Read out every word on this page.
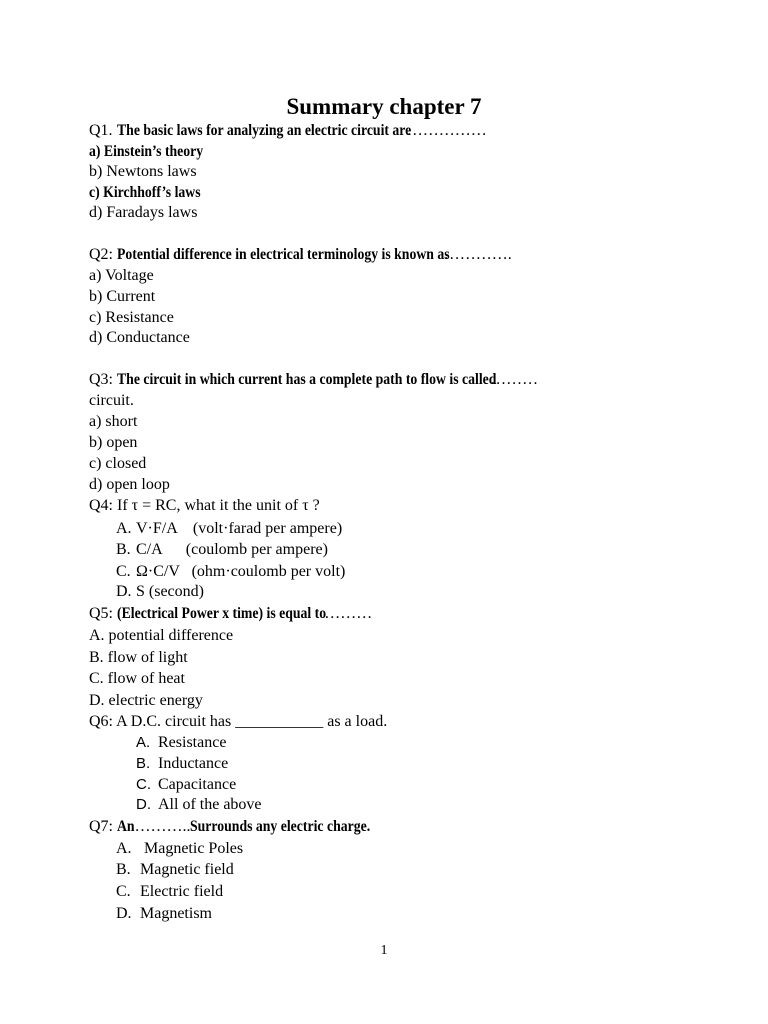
Summary chapter 7
Q1. The basic laws for analyzing an electric circuit are……………
a) Einstein’s theory
b) Newtons laws
c) Kirchhoff’s laws
d) Faradays laws
Q2: Potential difference in electrical terminology is known as………….
a) Voltage
b) Current
c) Resistance
d) Conductance
Q3: The circuit in which current has a complete path to flow is called………
circuit.
a) short
b) open
c) closed
d) open loop
Q4: If τ = RC, what it the unit of τ ?
A. V·F/A    (volt·farad per ampere)
B. C/A      (coulomb per ampere)
C. Ω·C/V   (ohm·coulomb per volt)
D. S (second)
Q5: (Electrical Power x time) is equal to………
A. potential difference
B. flow of light
C. flow of heat
D. electric energy
Q6: A D.C. circuit has ___________ as a load.
A. Resistance
B. Inductance
C. Capacitance
D. All of the above
Q7: An………..Surrounds any electric charge.
A. Magnetic Poles
B. Magnetic field
C. Electric field
D. Magnetism
1
